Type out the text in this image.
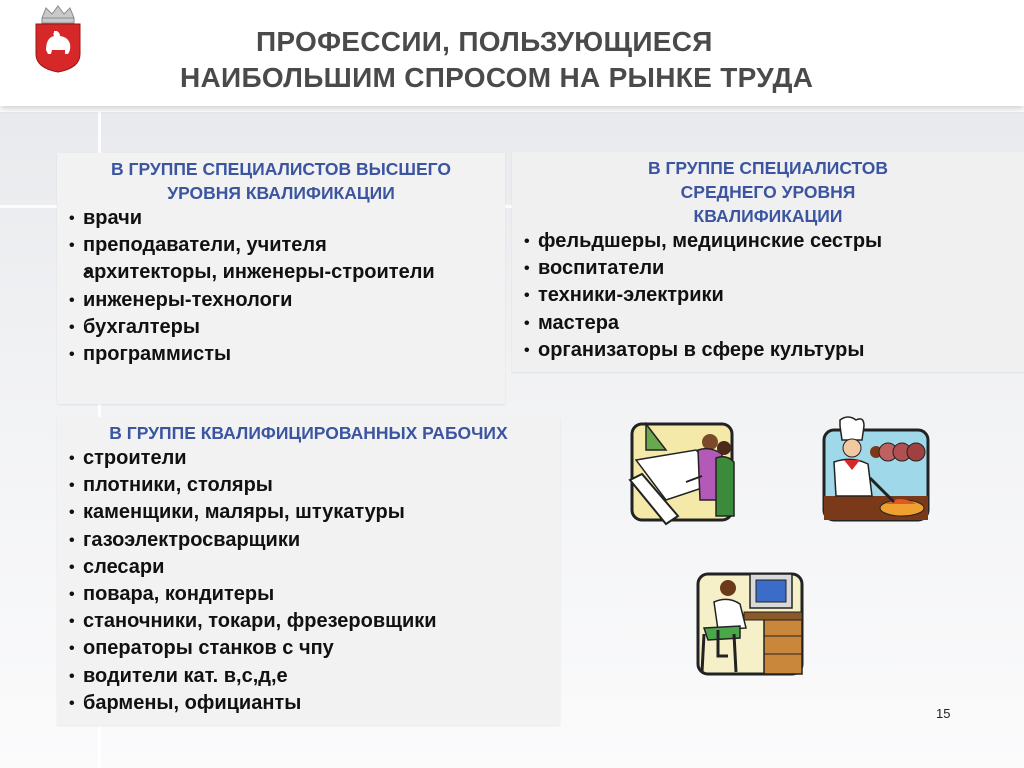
ПРОФЕССИИ, ПОЛЬЗУЮЩИЕСЯ
НАИБОЛЬШИМ СПРОСОМ НА РЫНКЕ ТРУДА
В ГРУППЕ СПЕЦИАЛИСТОВ ВЫСШЕГО
УРОВНЯ КВАЛИФИКАЦИИ
• врачи
• преподаватели, учителя
• архитекторы, инженеры-строители
• инженеры-технологи
• бухгалтеры
• программисты
В ГРУППЕ СПЕЦИАЛИСТОВ
СРЕДНЕГО УРОВНЯ
КВАЛИФИКАЦИИ
• фельдшеры, медицинские сестры
• воспитатели
• техники-электрики
• мастера
• организаторы в сфере культуры
В ГРУППЕ КВАЛИФИЦИРОВАННЫХ РАБОЧИХ
• строители
• плотники, столяры
• каменщики, маляры, штукатуры
• газоэлектросварщики
• слесари
• повара, кондитеры
• станочники, токари, фрезеровщики
• операторы станков с чпу
• водители кат. в,с,д,е
• бармены, официанты	15
